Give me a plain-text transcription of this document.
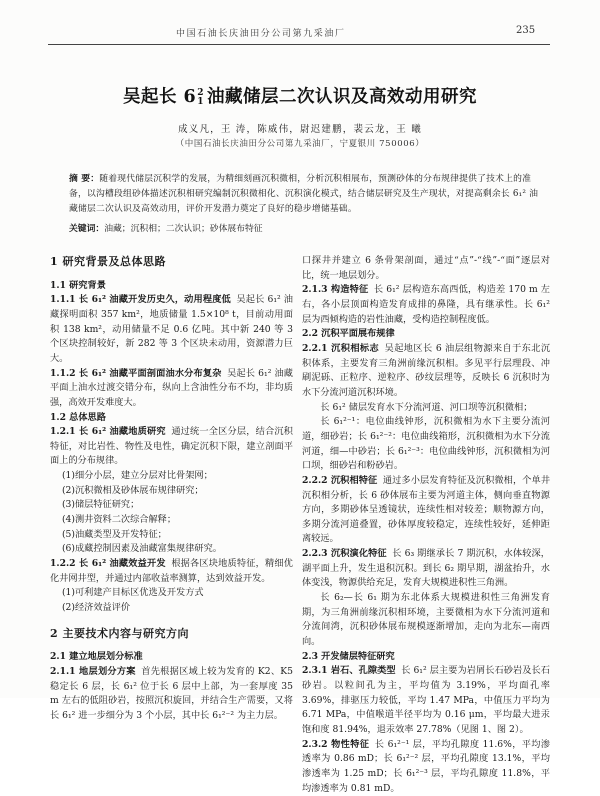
中国石油长庆油田分公司第九采油厂	235
吴起长 6 2
1 油藏储层二次认识及高效动用研究
成义凡，王 涛，陈威伟，尉迟建鹏，裴云龙，王 曦
（中国石油长庆油田分公司第九采油厂，宁夏银川 750006）
摘 要：随着现代储层沉积学的发展，为精细刻画沉积微相，分析沉积相展布，预测砂体的分布规律提供了技术上的准备，以沟槽段组砂体描述沉积相研究编制沉积微相化、沉积演化模式，结合储层研究及生产现状，对提高剩余长 6₁² 油藏储层二次认识及高效动用，评价开发潜力奠定了良好的稳步增储基础。
关键词：油藏；沉积相；二次认识；砂体展布特征
1 研究背景及总体思路
1.1 研究背景
1.1.1 长 6₁² 油藏开发历史久，动用程度低 吴起长 6₁² 油藏探明面积 357 km²，地质储量 1.5×10⁸ t，目前动用面积 138 km²，动用储量不足 0.6 亿吨。其中新 240 等 3 个区块控制较好，新 282 等 3 个区块未动用，资源潜力巨大。
1.1.2 长 6₁² 油藏平面剖面油水分布复杂 吴起长 6₁² 油藏平面上油水过渡交错分布，纵向上含油性分布不均，非均质强，高效开发难度大。
1.2 总体思路
1.2.1 长 6₁² 油藏地质研究 通过统一全区分层，结合沉积特征，对比岩性、物性及电性，确定沉积下限，建立剖面平面上的分布规律。
(1)细分小层，建立分层对比骨架网；
(2)沉积微相及砂体展布规律研究；
(3)储层特征研究；
(4)测井资料二次综合解释；
(5)油藏类型及开发特征；
(6)成藏控制因素及油藏富集规律研究。
1.2.2 长 6₁² 油藏效益开发 根据各区块地质特征，精细优化井网井型，并通过内部收益率测算，达到效益开发。
(1)可利建产目标区优选及开发方式
(2)经济效益评价
2 主要技术内容与研究方向
2.1 建立地层划分标准
2.1.1 地层划分方案 首先根据区域上较为发育的 K2、K5 稳定长 6 层，长 6₁² 位于长 6 层中上部，为一套厚度 35 m 左右的低阻砂岩，按照沉积旋回，并结合生产需要，又将长 6₁² 进一步细分为 3 个小层，其中长 6₁²⁻² 为主力层。
口探井并建立 6 条骨架剖面，通过“点”-“线”-“面”逐层对比，统一地层划分。
2.1.3 构造特征 长 6₁² 层构造东高西低，构造差 170 m 左右，各小层顶面构造发育成排的鼻隆，具有继承性。长 6₁² 层为西倾构造的岩性油藏，受构造控制程度低。
2.2 沉积平面展布规律
2.2.1 沉积相标志 吴起地区长 6 油层组物源来自于东北沉积体系，主要发育三角洲前缘沉积相。多见平行层理段、冲刷泥砾、正粒序、逆粒序、砂纹层理等，反映长 6 沉积时为水下分流河道沉积环境。
长 6₁² 储层发育水下分流河道、河口坝等沉积微相；
长 6₁²⁻¹：电位曲线钟形，沉积微相为水下主要分流河道，细砂岩；长 6₁²⁻²：电位曲线箱形，沉积微相为水下分流河道，细—中砂岩；长 6₁²⁻³：电位曲线钟形，沉积微相为河口坝，细砂岩和粉砂岩。
2.2.2 沉积相特征 通过多小层发育特征及沉积微相，个单井沉积相分析，长 6 砂体展布主要为河道主体，侧向垂直物源方向，多期砂体呈透镜状，连续性相对较差；顺物源方向，多期分流河道叠置，砂体厚度较稳定，连续性较好，延伸距离较远。
2.2.3 沉积演化特征 长 6₃ 期继承长 7 期沉积，水体较深，湖平面上升，发生退积沉积。到长 6₂ 期早期，湖盆抬升，水体变浅，物源供给充足，发育大规模进积性三角洲。
长 6₂—长 6₁ 期为东北体系大规模进积性三角洲发育期，为三角洲前缘沉积相环境，主要微相为水下分流河道和分流间湾，沉积砂体展布规模逐渐增加，走向为北东—南西向。
2.3 开发储层特征研究
2.3.1 岩石、孔隙类型 长 6₁² 层主要为岩屑长石砂岩及长石砂岩。以粒间孔为主，平均值为 3.19%，平均面孔率 3.69%，排驱压力较低，平均 1.47 MPa，中值压力平均为 6.71 MPa，中值喉道半径平均为 0.16 μm，平均最大进汞饱和度 81.94%，退汞效率 27.78%（见图 1、图 2）。
2.3.2 物性特征 长 6₁²⁻¹ 层，平均孔隙度 11.6%，平均渗透率为 0.86 mD；长 6₁²⁻² 层，平均孔隙度 13.1%，平均渗透率为 1.25 mD；长 6₁²⁻³ 层，平均孔隙度 11.8%，平均渗透率为 0.81 mD。
